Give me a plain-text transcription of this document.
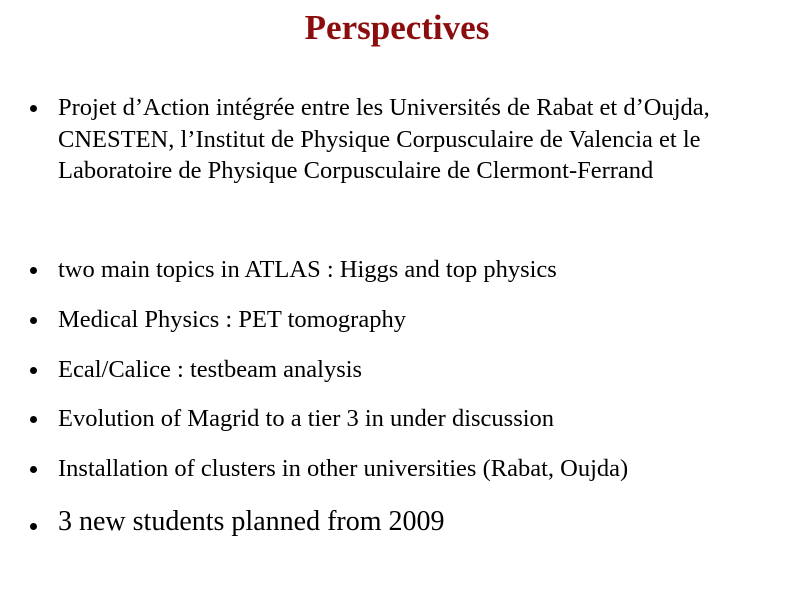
Perspectives
Projet d’Action intégrée entre les Universités de Rabat et d’Oujda, CNESTEN, l’Institut de Physique Corpusculaire de Valencia et le Laboratoire de Physique Corpusculaire de Clermont-Ferrand
two main topics in ATLAS : Higgs and top physics
Medical Physics : PET tomography
Ecal/Calice : testbeam analysis
Evolution of Magrid to a tier 3 in under discussion
Installation of clusters in other universities (Rabat, Oujda)
3 new students planned from 2009
